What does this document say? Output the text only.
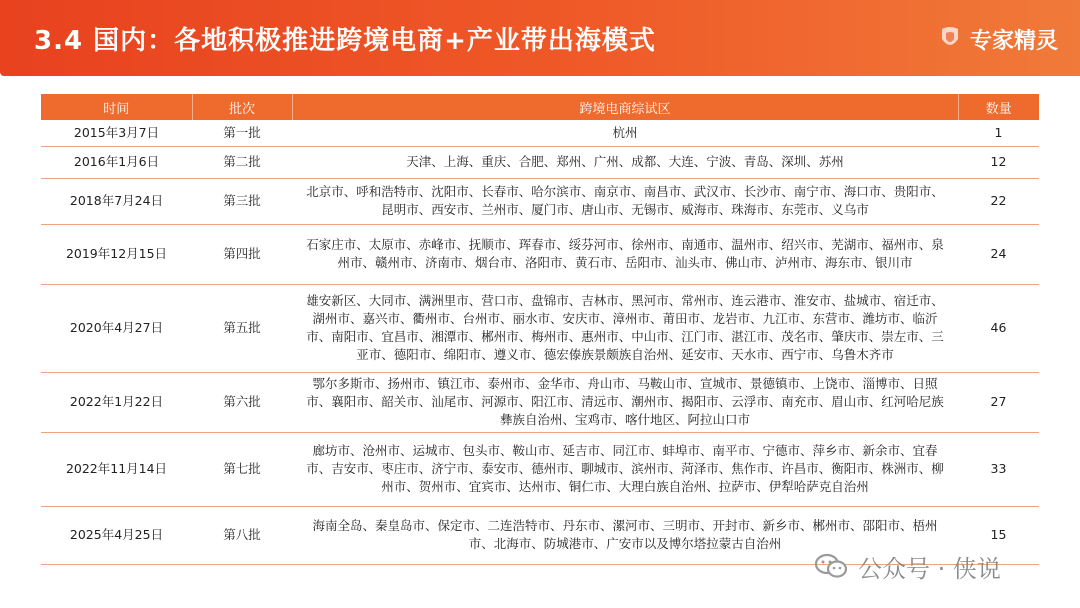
3.4 国内：各地积极推进跨境电商+产业带出海模式	专家精灵
时间	批次	跨境电商综试区	数量
2015年3月7日	第一批	杭州	1
2016年1月6日	第二批	天津、上海、重庆、合肥、郑州、广州、成都、大连、宁波、青岛、深圳、苏州	12
2018年7月24日	第三批	北京市、呼和浩特市、沈阳市、长春市、哈尔滨市、南京市、南昌市、武汉市、长沙市、南宁市、海口市、贵阳市、昆明市、西安市、兰州市、厦门市、唐山市、无锡市、威海市、珠海市、东莞市、义乌市	22
2019年12月15日	第四批	石家庄市、太原市、赤峰市、抚顺市、珲春市、绥芬河市、徐州市、南通市、温州市、绍兴市、芜湖市、福州市、泉州市、赣州市、济南市、烟台市、洛阳市、黄石市、岳阳市、汕头市、佛山市、泸州市、海东市、银川市	24
2020年4月27日	第五批	雄安新区、大同市、满洲里市、营口市、盘锦市、吉林市、黑河市、常州市、连云港市、淮安市、盐城市、宿迁市、湖州市、嘉兴市、衢州市、台州市、丽水市、安庆市、漳州市、莆田市、龙岩市、九江市、东营市、潍坊市、临沂市、南阳市、宜昌市、湘潭市、郴州市、梅州市、惠州市、中山市、江门市、湛江市、茂名市、肇庆市、崇左市、三亚市、德阳市、绵阳市、遵义市、德宏傣族景颇族自治州、延安市、天水市、西宁市、乌鲁木齐市	46
2022年1月22日	第六批	鄂尔多斯市、扬州市、镇江市、泰州市、金华市、舟山市、马鞍山市、宣城市、景德镇市、上饶市、淄博市、日照市、襄阳市、韶关市、汕尾市、河源市、阳江市、清远市、潮州市、揭阳市、云浮市、南充市、眉山市、红河哈尼族彝族自治州、宝鸡市、喀什地区、阿拉山口市	27
2022年11月14日	第七批	廊坊市、沧州市、运城市、包头市、鞍山市、延吉市、同江市、蚌埠市、南平市、宁德市、萍乡市、新余市、宜春市、吉安市、枣庄市、济宁市、泰安市、德州市、聊城市、滨州市、菏泽市、焦作市、许昌市、衡阳市、株洲市、柳州市、贺州市、宜宾市、达州市、铜仁市、大理白族自治州、拉萨市、伊犁哈萨克自治州	33
2025年4月25日	第八批	海南全岛、秦皇岛市、保定市、二连浩特市、丹东市、漯河市、三明市、开封市、新乡市、郴州市、邵阳市、梧州市、北海市、防城港市、广安市以及博尔塔拉蒙古自治州	15
公众号 · 侠说
